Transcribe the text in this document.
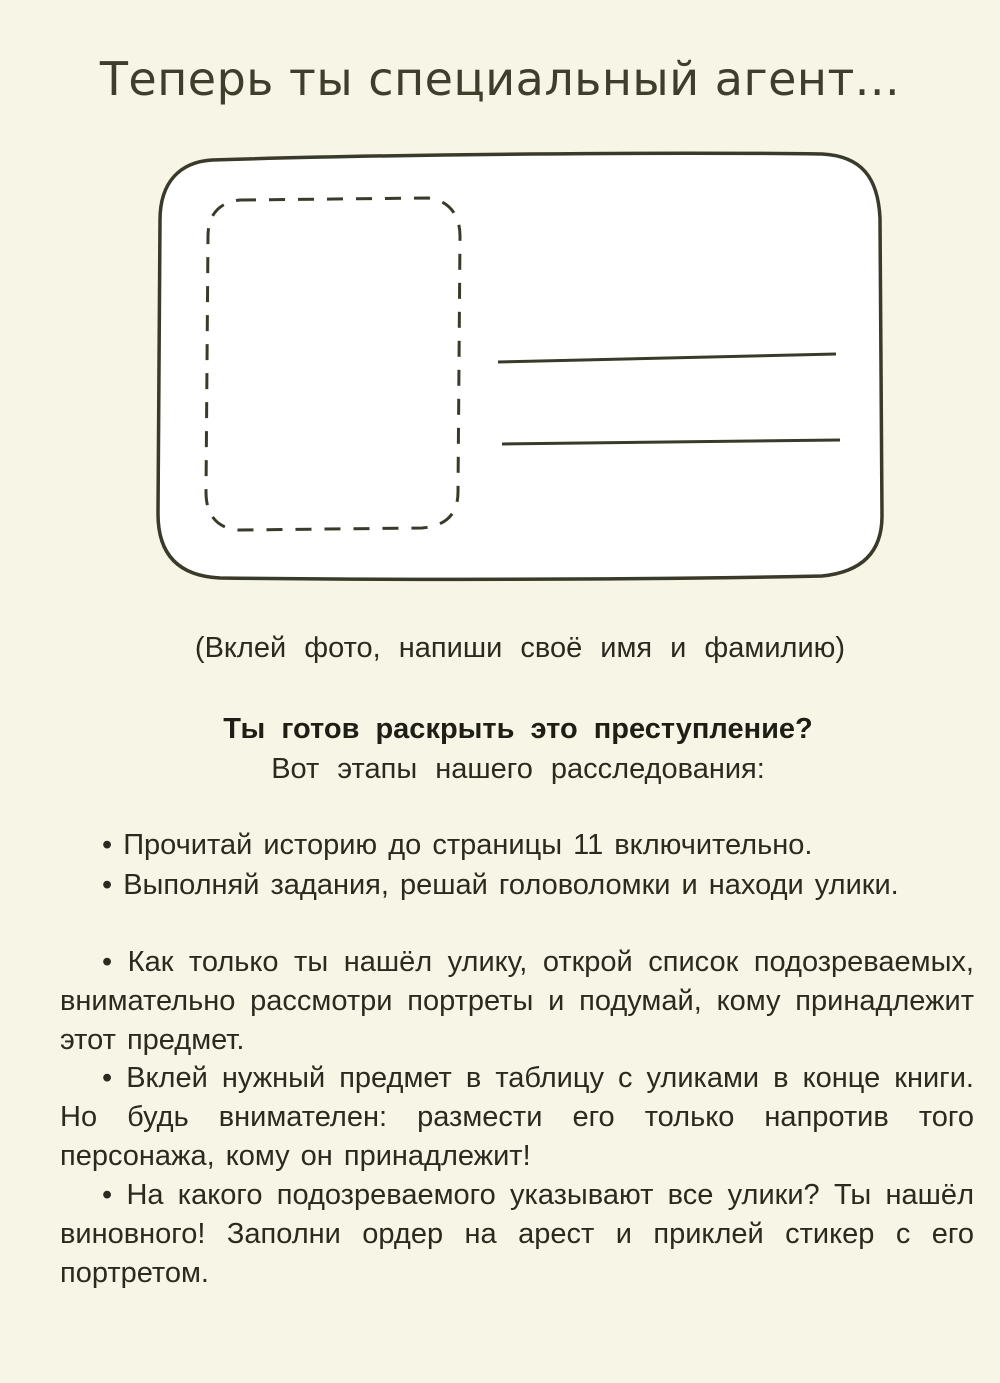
Теперь ты специальный агент...
(Вклей фото, напиши своё имя и фамилию)
Ты готов раскрыть это преступление?
Вот этапы нашего расследования:

• Прочитай историю до страницы 11 включительно.

• Выполняй задания, решай головоломки и находи улики.

• Как только ты нашёл улику, открой список подозреваемых, внимательно рассмотри портреты и подумай, кому принадлежит этот предмет.

• Вклей нужный предмет в таблицу с уликами в конце книги. Но будь внимателен: размести его только напротив того персонажа, кому он принадлежит!

• На какого подозреваемого указывают все улики? Ты нашёл виновного! Заполни ордер на арест и приклей стикер с его портретом.
